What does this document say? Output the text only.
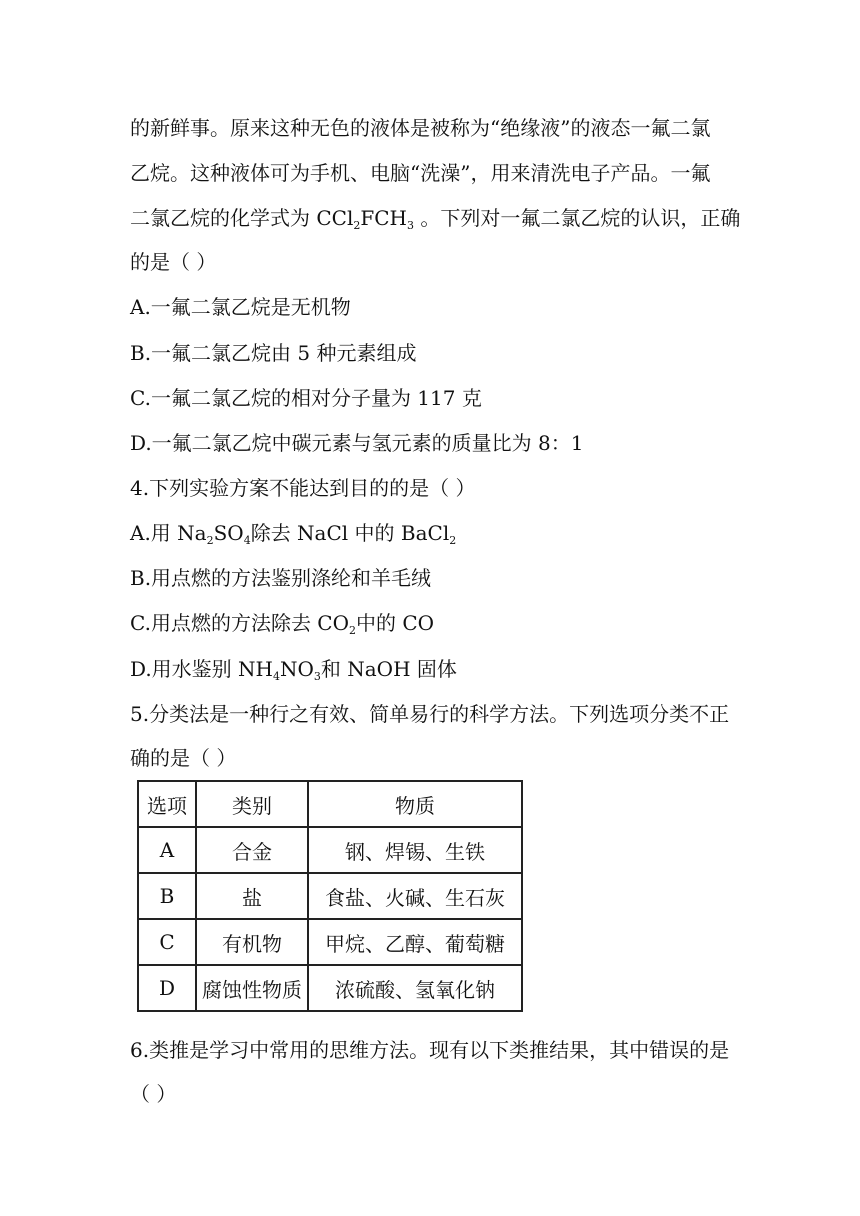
的新鲜事。原来这种无色的液体是被称为“绝缘液”的液态一氟二氯
乙烷。这种液体可为手机、电脑“洗澡”，用来清洗电子产品。一氟
二氯乙烷的化学式为 $CCl_2FCH_3$ 。下列对一氟二氯乙烷的认识，正确
的是（ ）
A.一氟二氯乙烷是无机物
B.一氟二氯乙烷由 5 种元素组成
C.一氟二氯乙烷的相对分子量为 117 克
D.一氟二氯乙烷中碳元素与氢元素的质量比为 8：1
4.下列实验方案不能达到目的的是（ ）
A.用 $Na_2SO_4$除去 NaCl 中的 BaCl$_2$
B.用点燃的方法鉴别涤纶和羊毛绒
C.用点燃的方法除去 $CO_2$中的 CO
D.用水鉴别 $NH_4NO_3$和 NaOH 固体
5.分类法是一种行之有效、简单易行的科学方法。下列选项分类不正
确的是（ ）
选项	类别	物质
A	合金	钢、焊锡、生铁
B	盐	食盐、火碱、生石灰
C	有机物	甲烷、乙醇、葡萄糖
D	腐蚀性物质	浓硫酸、氢氧化钠
6.类推是学习中常用的思维方法。现有以下类推结果，其中错误的是
（ ）
